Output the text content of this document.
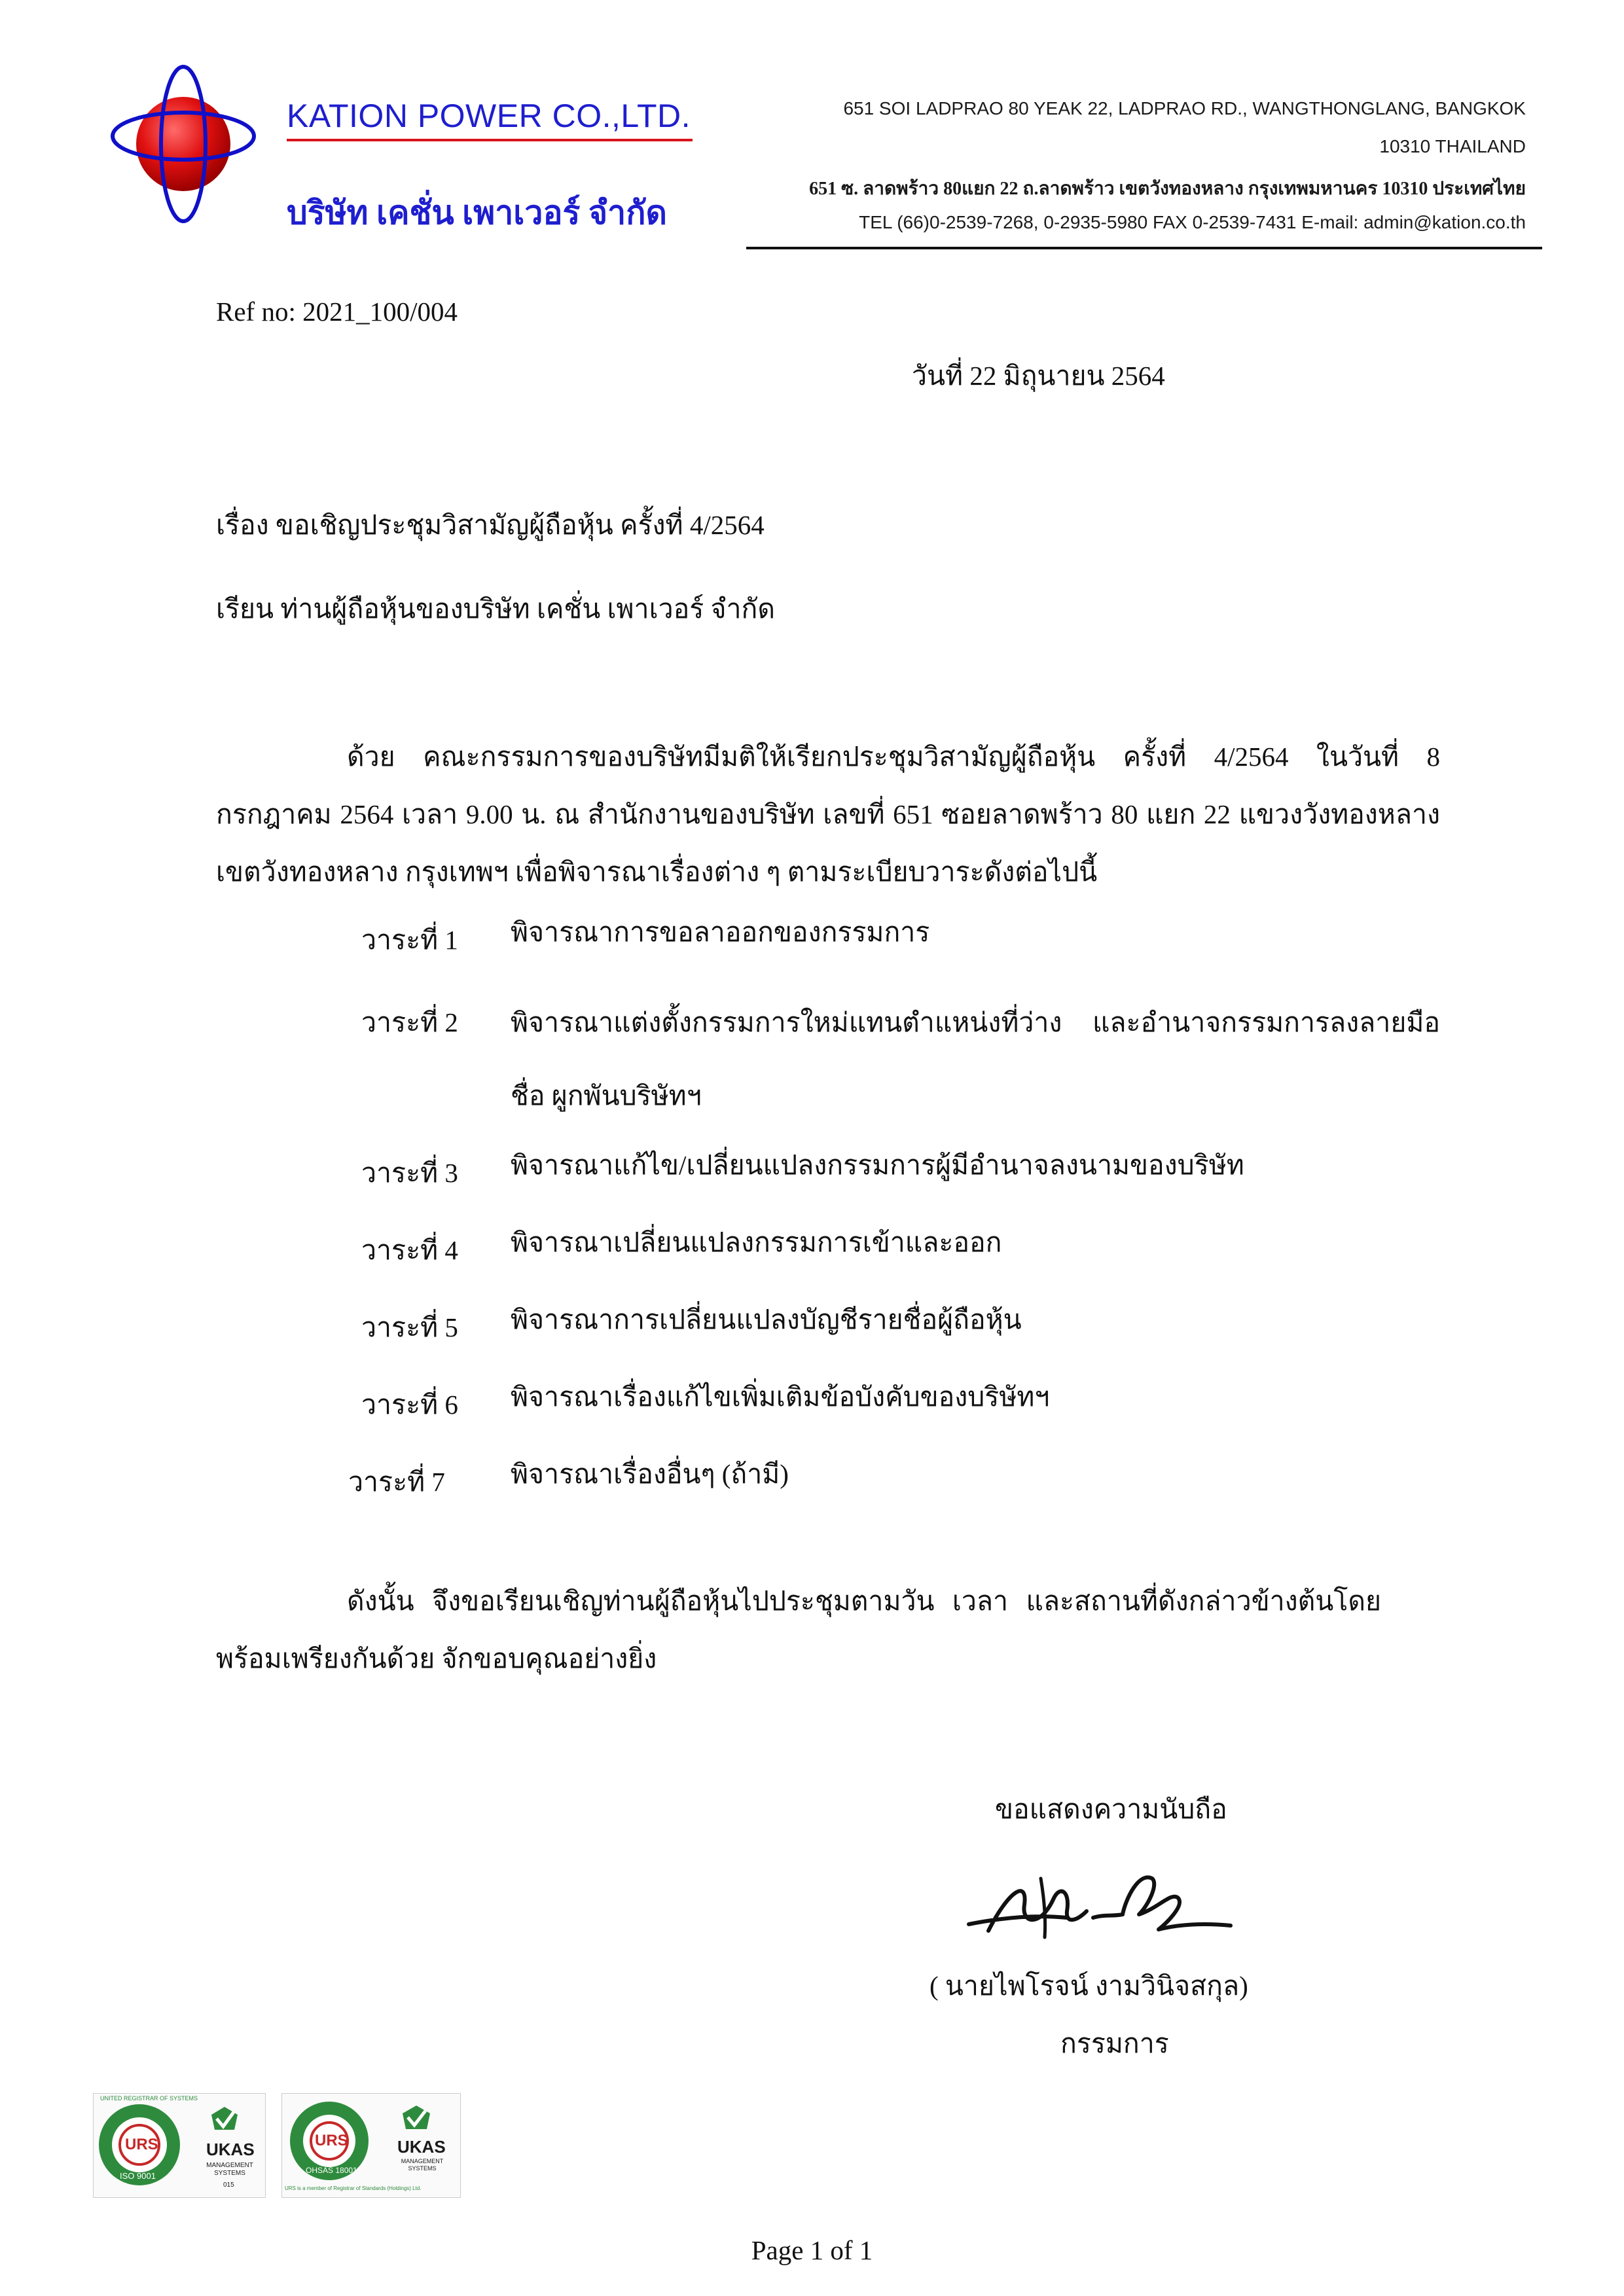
KATION POWER CO.,LTD.
บริษัท เคชั่น เพาเวอร์ จำกัด
651 SOI LADPRAO 80 YEAK 22, LADPRAO RD., WANGTHONGLANG, BANGKOK
10310 THAILAND
651 ซ. ลาดพร้าว 80แยก 22 ถ.ลาดพร้าว เขตวังทองหลาง กรุงเทพมหานคร 10310 ประเทศไทย
TEL (66)0-2539-7268, 0-2935-5980 FAX 0-2539-7431 E-mail: admin@kation.co.th
Ref no: 2021_100/004
วันที่ 22 มิถุนายน 2564
เรื่อง ขอเชิญประชุมวิสามัญผู้ถือหุ้น ครั้งที่ 4/2564
เรียน ท่านผู้ถือหุ้นของบริษัท เคชั่น เพาเวอร์ จำกัด
ด้วย คณะกรรมการของบริษัทมีมติให้เรียกประชุมวิสามัญผู้ถือหุ้น ครั้งที่ 4/2564 ในวันที่ 8 กรกฎาคม 2564 เวลา 9.00 น. ณ สำนักงานของบริษัท เลขที่ 651 ซอยลาดพร้าว 80 แยก 22 แขวงวังทองหลาง เขตวังทองหลาง กรุงเทพฯ เพื่อพิจารณาเรื่องต่าง ๆ ตามระเบียบวาระดังต่อไปนี้
วาระที่ 1 พิจารณาการขอลาออกของกรรมการ
วาระที่ 2 พิจารณาแต่งตั้งกรรมการใหม่แทนตำแหน่งที่ว่าง และอำนาจกรรมการลงลายมือชื่อ ผูกพันบริษัทฯ
วาระที่ 3 พิจารณาแก้ไข/เปลี่ยนแปลงกรรมการผู้มีอำนาจลงนามของบริษัท
วาระที่ 4 พิจารณาเปลี่ยนแปลงกรรมการเข้าและออก
วาระที่ 5 พิจารณาการเปลี่ยนแปลงบัญชีรายชื่อผู้ถือหุ้น
วาระที่ 6 พิจารณาเรื่องแก้ไขเพิ่มเติมข้อบังคับของบริษัทฯ
วาระที่ 7 พิจารณาเรื่องอื่นๆ (ถ้ามี)
ดังนั้น จึงขอเรียนเชิญท่านผู้ถือหุ้นไปประชุมตามวัน เวลา และสถานที่ดังกล่าวข้างต้นโดยพร้อมเพรียงกันด้วย จักขอบคุณอย่างยิ่ง
ขอแสดงความนับถือ
( นายไพโรจน์ งามวินิจสกุล)
กรรมการ
URS
ISO 9001
UNITED REGISTRAR OF SYSTEMS
UKAS
MANAGEMENT SYSTEMS
015
URS
OHSAS 18001
UKAS
MANAGEMENT SYSTEMS
URS is a member of Registrar of Standards (Holdings) Ltd.
Page 1 of 1
